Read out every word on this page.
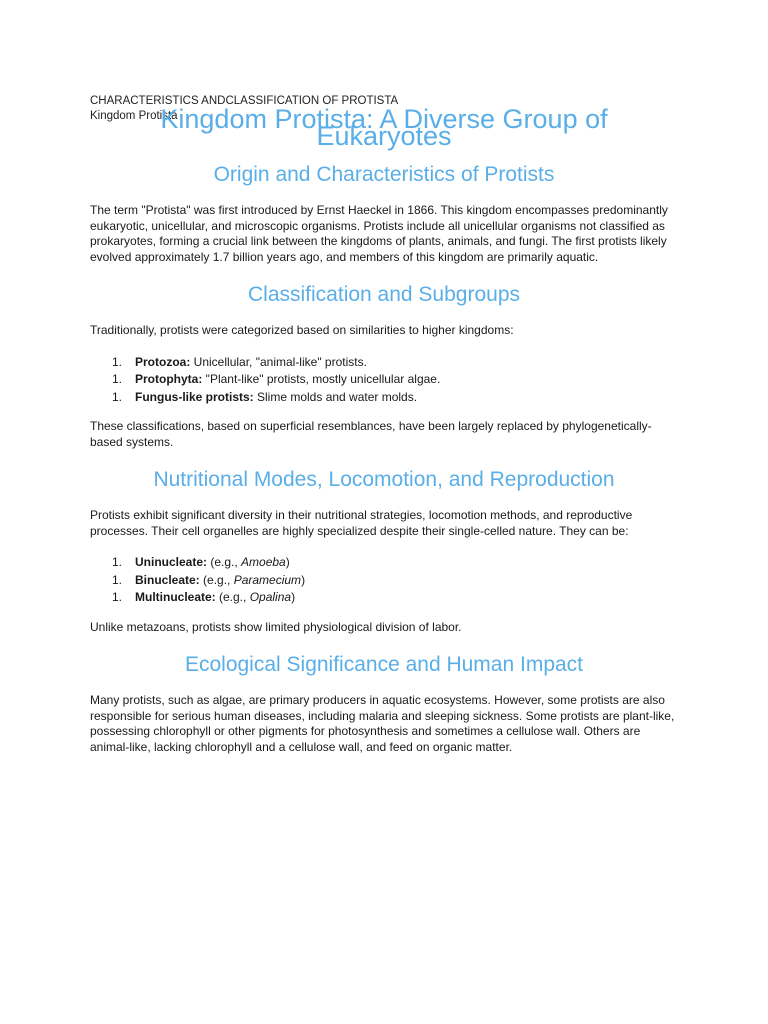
CHARACTERISTICS ANDCLASSIFICATION OF PROTISTA
Kingdom Protista
Kingdom Protista: A Diverse Group of Eukaryotes
Origin and Characteristics of Protists

The term "Protista" was first introduced by Ernst Haeckel in 1866. This kingdom encompasses predominantly eukaryotic, unicellular, and microscopic organisms. Protists include all unicellular organisms not classified as prokaryotes, forming a crucial link between the kingdoms of plants, animals, and fungi. The first protists likely evolved approximately 1.7 billion years ago, and members of this kingdom are primarily aquatic.

Classification and Subgroups

Traditionally, protists were categorized based on similarities to higher kingdoms:

1. Protozoa: Unicellular, "animal-like" protists.
1. Protophyta: "Plant-like" protists, mostly unicellular algae.
1. Fungus-like protists: Slime molds and water molds.

These classifications, based on superficial resemblances, have been largely replaced by phylogenetically-based systems.

Nutritional Modes, Locomotion, and Reproduction

Protists exhibit significant diversity in their nutritional strategies, locomotion methods, and reproductive processes. Their cell organelles are highly specialized despite their single-celled nature. They can be:

1. Uninucleate: (e.g., Amoeba)
1. Binucleate: (e.g., Paramecium)
1. Multinucleate: (e.g., Opalina)

Unlike metazoans, protists show limited physiological division of labor.

Ecological Significance and Human Impact

Many protists, such as algae, are primary producers in aquatic ecosystems. However, some protists are also responsible for serious human diseases, including malaria and sleeping sickness. Some protists are plant-like, possessing chlorophyll or other pigments for photosynthesis and sometimes a cellulose wall. Others are animal-like, lacking chlorophyll and a cellulose wall, and feed on organic matter.
